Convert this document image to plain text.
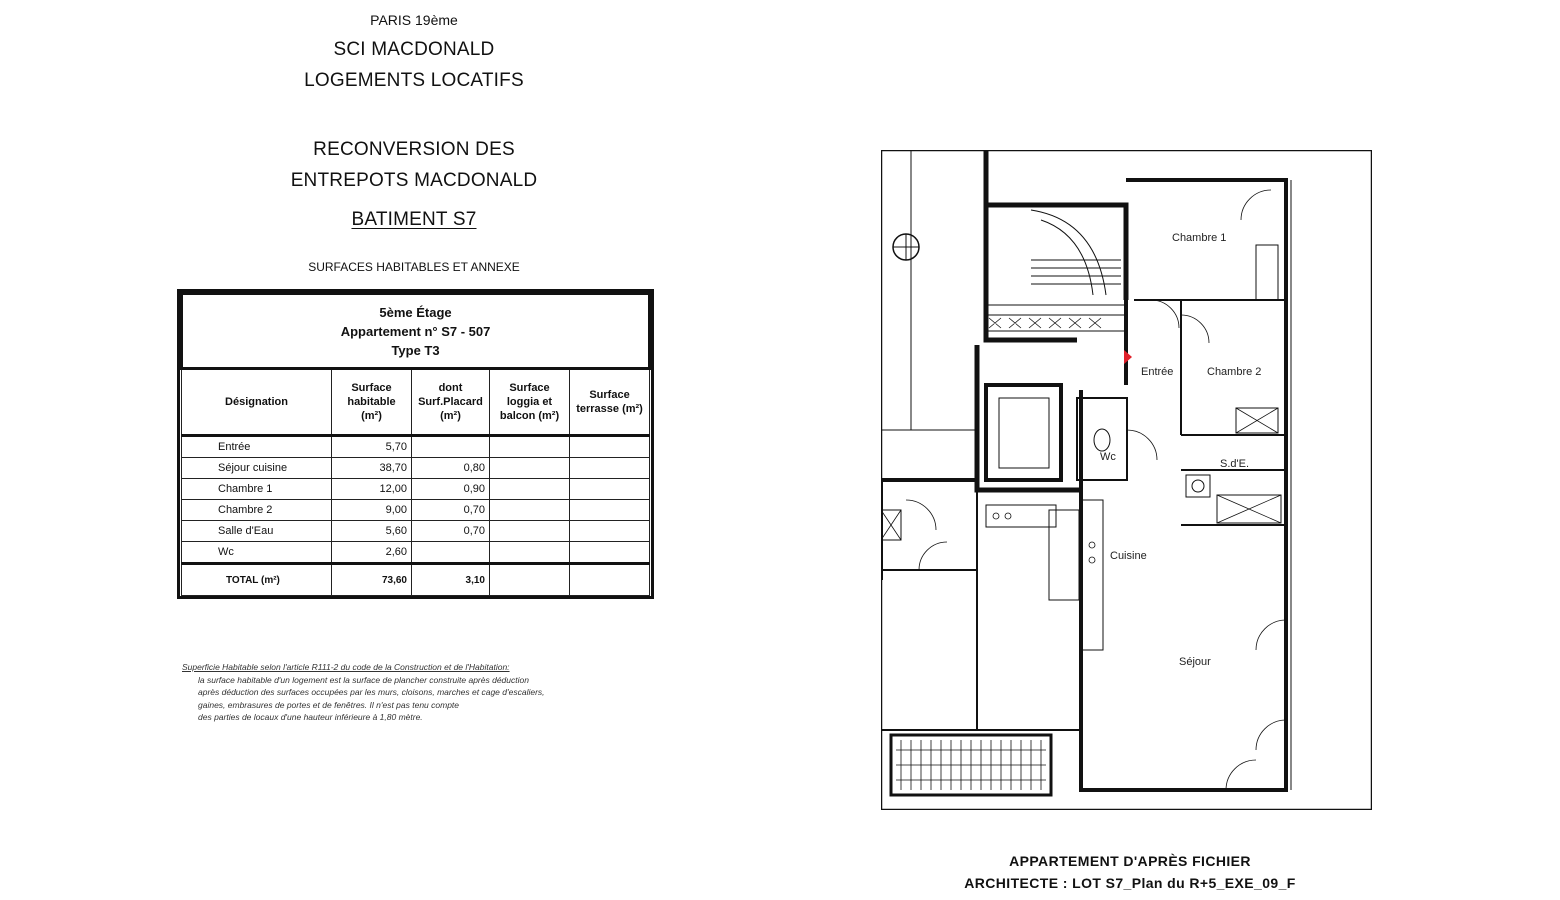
PARIS 19ème
SCI MACDONALD
LOGEMENTS LOCATIFS
RECONVERSION DES
ENTREPOTS MACDONALD
BATIMENT S7
SURFACES HABITABLES ET ANNEXE
5ème Étage
Appartement n° S7 - 507
Type T3				

Désignation	Surface habitable (m²)	dont Surf.Placard (m²)	Surface loggia et balcon (m²)	Surface terrasse (m²)
Entrée	5,70			
Séjour cuisine	38,70	0,80		
Chambre 1	12,00	0,90		
Chambre 2	9,00	0,70		
Salle d'Eau	5,60	0,70		
Wc	2,60			
TOTAL (m²)	73,60	3,10		
Superficie Habitable selon l'article R111-2 du code de la Construction et de l'Habitation:
la surface habitable d'un logement est la surface de plancher construite après déduction
après déduction des surfaces occupées par les murs, cloisons, marches et cage d'escaliers,
gaines, embrasures de portes et de fenêtres. Il n'est pas tenu compte
des parties de locaux d'une hauteur inférieure à 1,80 mètre.
Chambre 1
Chambre 2
Entrée
Wc
S.d'E.
Cuisine
Séjour
APPARTEMENT D'APRÈS FICHIER
ARCHITECTE : LOT S7_Plan du R+5_EXE_09_F
